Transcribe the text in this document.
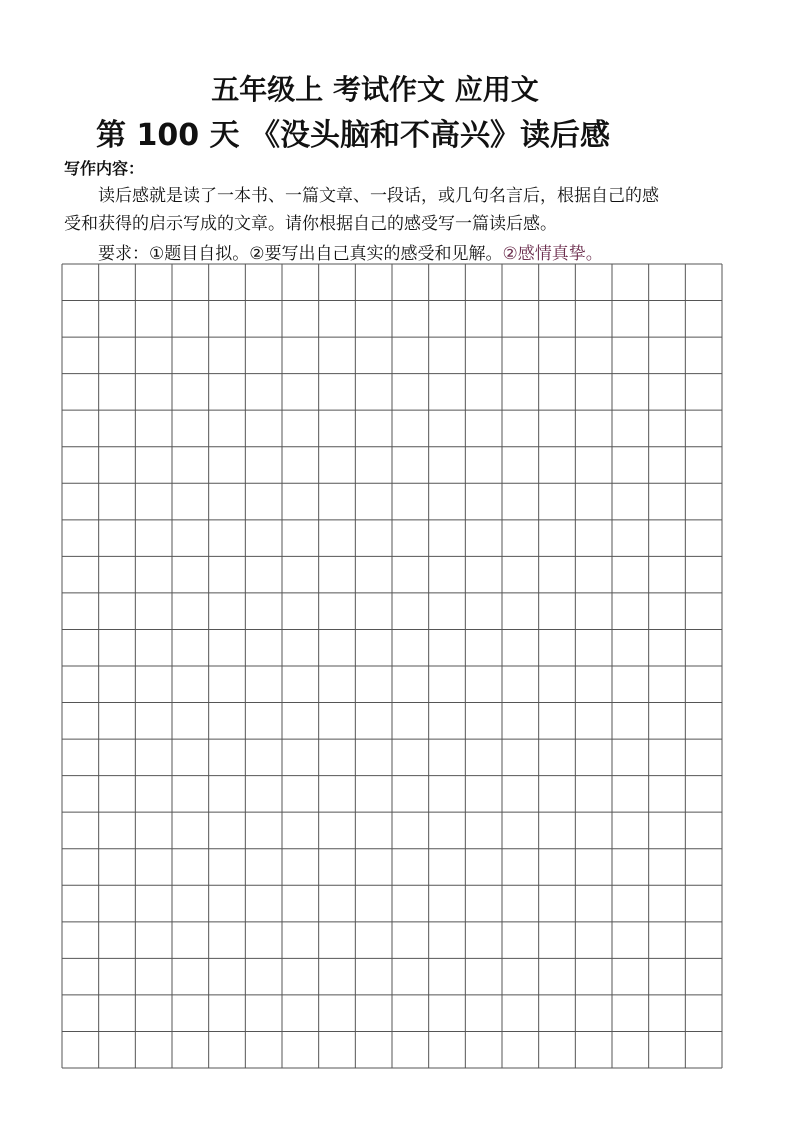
五年级上 考试作文 应用文
第 100 天 《没头脑和不高兴》读后感
写作内容：
读后感就是读了一本书、一篇文章、一段话，或几句名言后，根据自己的感
受和获得的启示写成的文章。请你根据自己的感受写一篇读后感。
要求：①题目自拟。②要写出自己真实的感受和见解。②感情真挚。
